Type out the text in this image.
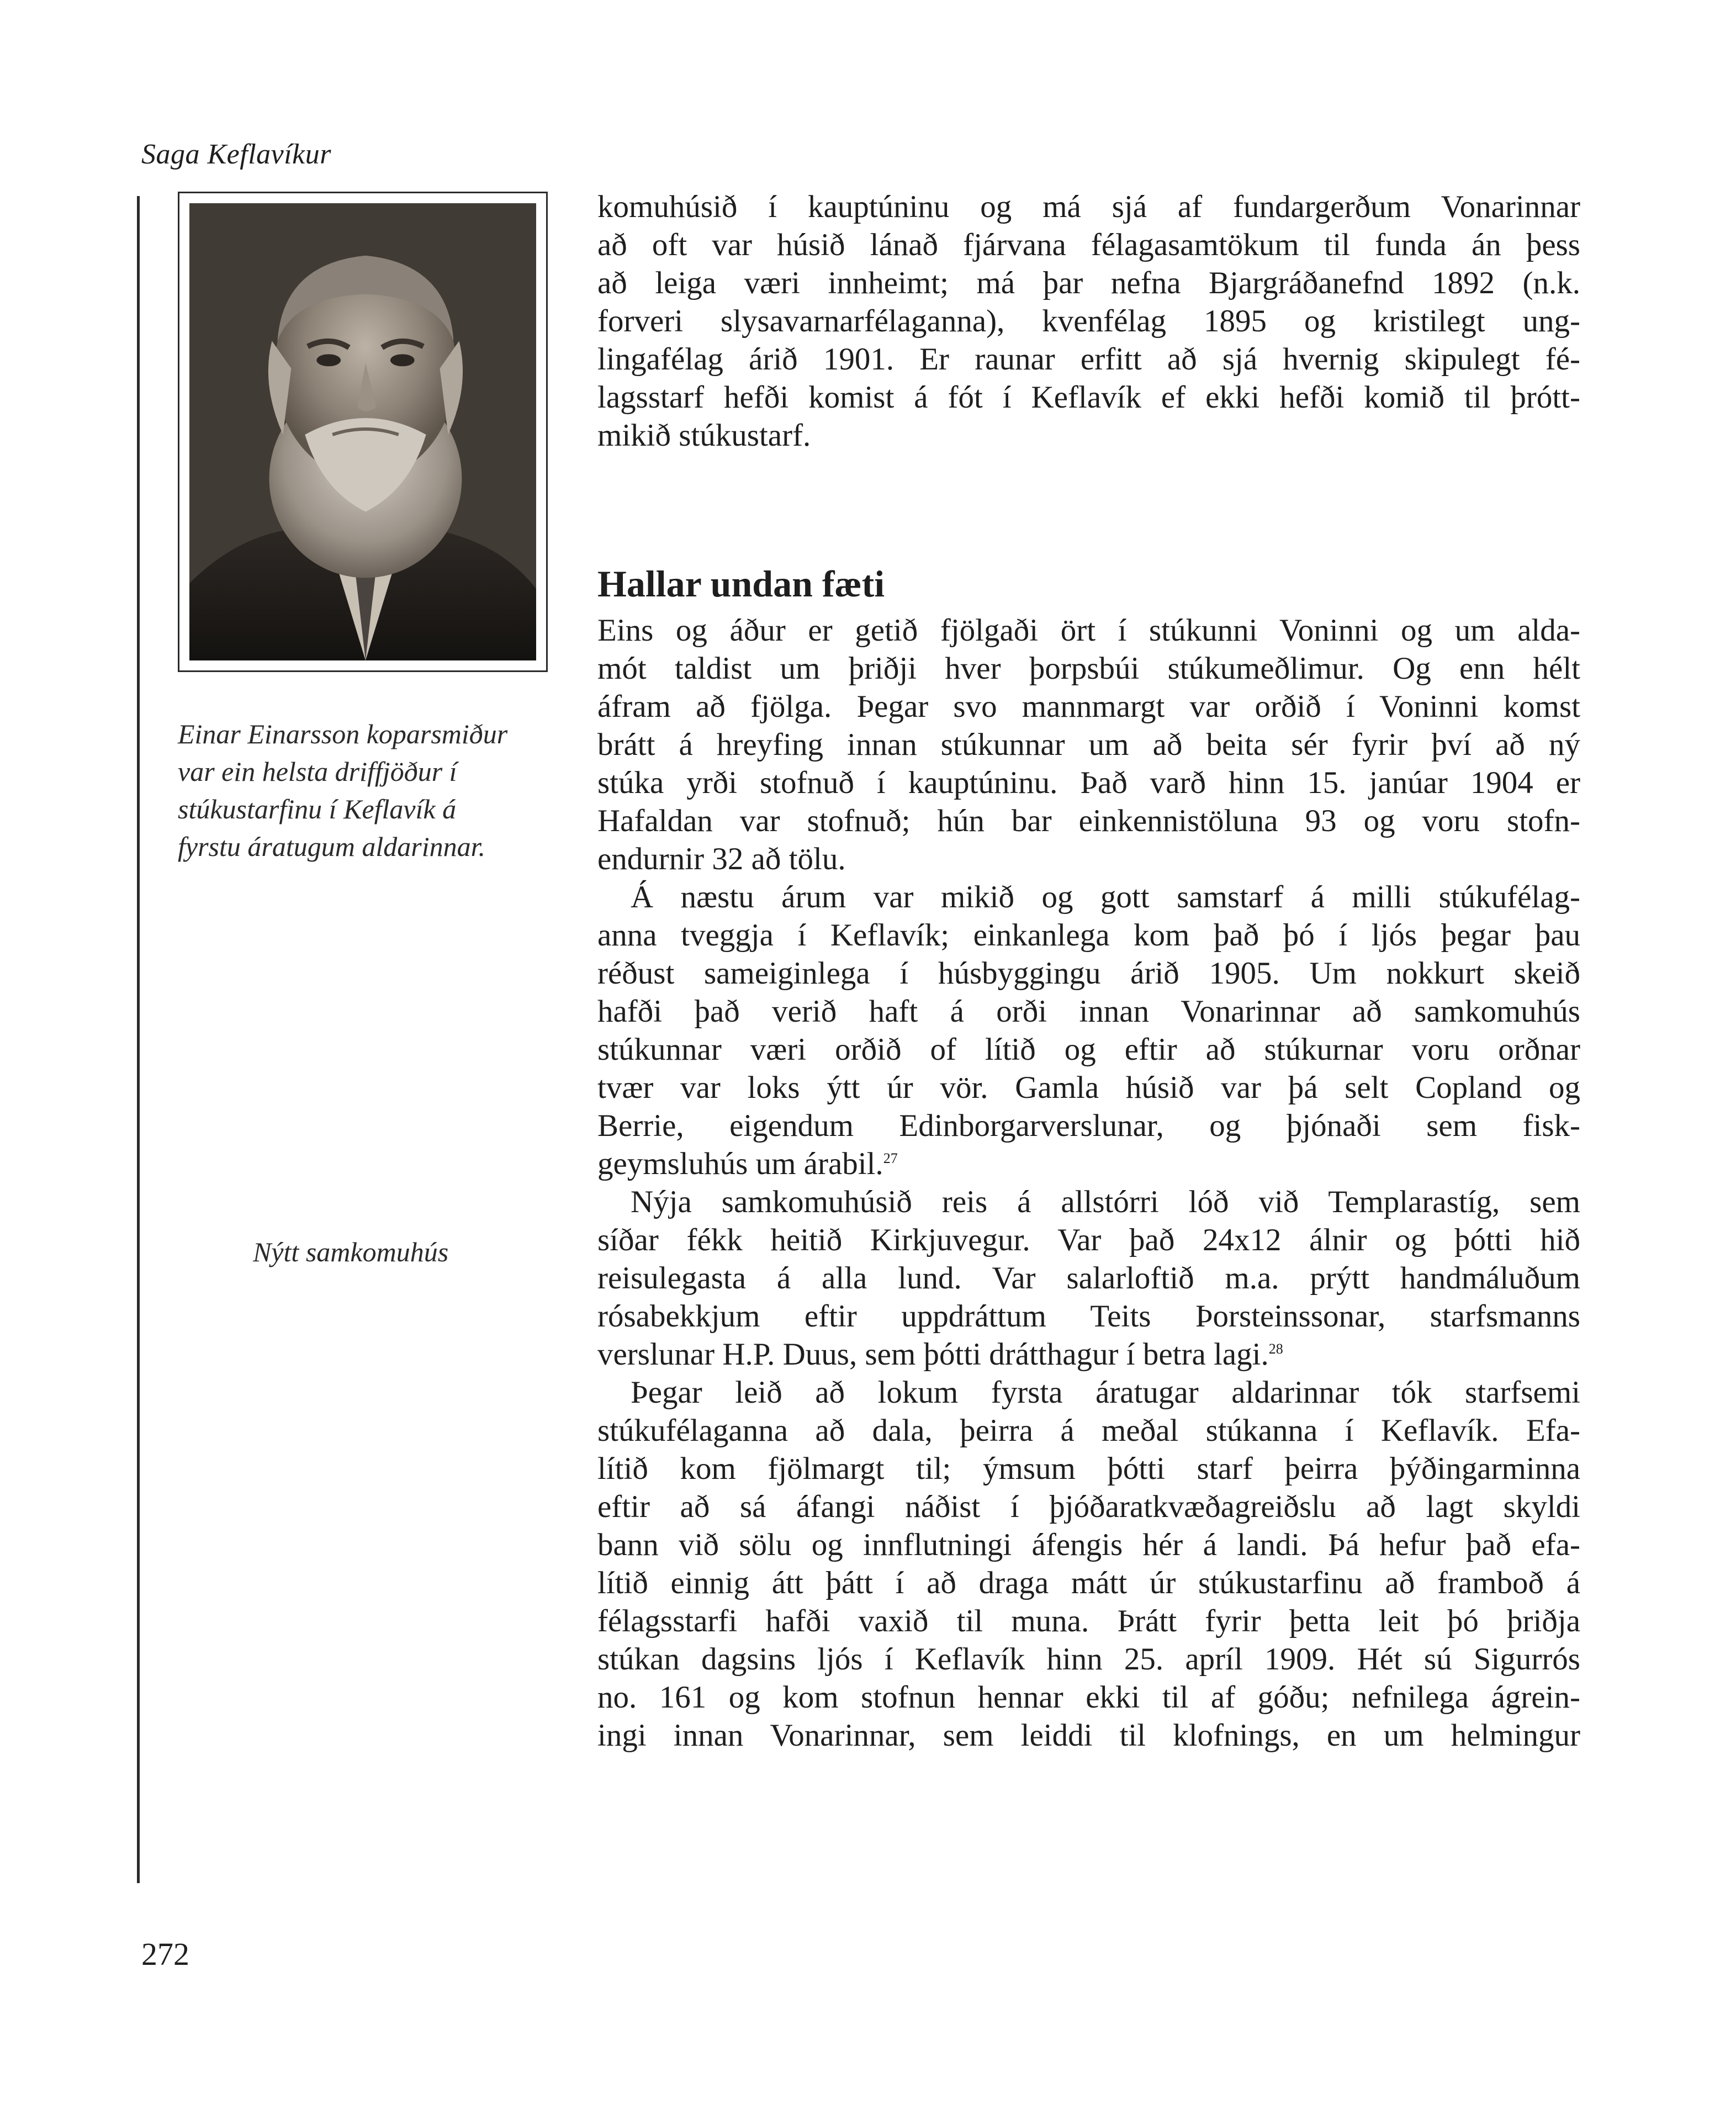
Saga Keflavíkur
Einar Einarsson koparsmiður
var ein helsta driffjöður í
stúkustarfinu í Keflavík á
fyrstu áratugum aldarinnar.
Nýtt samkomuhús
komuhúsið í kauptúninu og má sjá af fundargerðum Vonarinnar
að oft var húsið lánað fjárvana félagasamtökum til funda án þess
að leiga væri innheimt; má þar nefna Bjargráðanefnd 1892 (n.k.
forveri slysavarnarfélaganna), kvenfélag 1895 og kristilegt ung-
lingafélag árið 1901. Er raunar erfitt að sjá hvernig skipulegt fé-
lagsstarf hefði komist á fót í Keflavík ef ekki hefði komið til þrótt-
mikið stúkustarf.
Hallar undan fæti
Eins og áður er getið fjölgaði ört í stúkunni Voninni og um alda-
mót taldist um þriðji hver þorpsbúi stúkumeðlimur. Og enn hélt
áfram að fjölga. Þegar svo mannmargt var orðið í Voninni komst
brátt á hreyfing innan stúkunnar um að beita sér fyrir því að ný
stúka yrði stofnuð í kauptúninu. Það varð hinn 15. janúar 1904 er
Hafaldan var stofnuð; hún bar einkennistöluna 93 og voru stofn-
endurnir 32 að tölu.
Á næstu árum var mikið og gott samstarf á milli stúkufélag-
anna tveggja í Keflavík; einkanlega kom það þó í ljós þegar þau
réðust sameiginlega í húsbyggingu árið 1905. Um nokkurt skeið
hafði það verið haft á orði innan Vonarinnar að samkomuhús
stúkunnar væri orðið of lítið og eftir að stúkurnar voru orðnar
tvær var loks ýtt úr vör. Gamla húsið var þá selt Copland og
Berrie, eigendum Edinborgarverslunar, og þjónaði sem fisk-
geymsluhús um árabil.$^{27}$
Nýja samkomuhúsið reis á allstórri lóð við Templarastíg, sem
síðar fékk heitið Kirkjuvegur. Var það 24x12 álnir og þótti hið
reisulegasta á alla lund. Var salarloftið m.a. prýtt handmáluðum
rósabekkjum eftir uppdráttum Teits Þorsteinssonar, starfsmanns
verslunar H.P. Duus, sem þótti drátthagur í betra lagi.$^{28}$
Þegar leið að lokum fyrsta áratugar aldarinnar tók starfsemi
stúkufélaganna að dala, þeirra á meðal stúkanna í Keflavík. Efa-
lítið kom fjölmargt til; ýmsum þótti starf þeirra þýðingarminna
eftir að sá áfangi náðist í þjóðaratkvæðagreiðslu að lagt skyldi
bann við sölu og innflutningi áfengis hér á landi. Þá hefur það efa-
lítið einnig átt þátt í að draga mátt úr stúkustarfinu að framboð á
félagsstarfi hafði vaxið til muna. Þrátt fyrir þetta leit þó þriðja
stúkan dagsins ljós í Keflavík hinn 25. apríl 1909. Hét sú Sigurrós
no. 161 og kom stofnun hennar ekki til af góðu; nefnilega ágrein-
ingi innan Vonarinnar, sem leiddi til klofnings, en um helmingur
272
